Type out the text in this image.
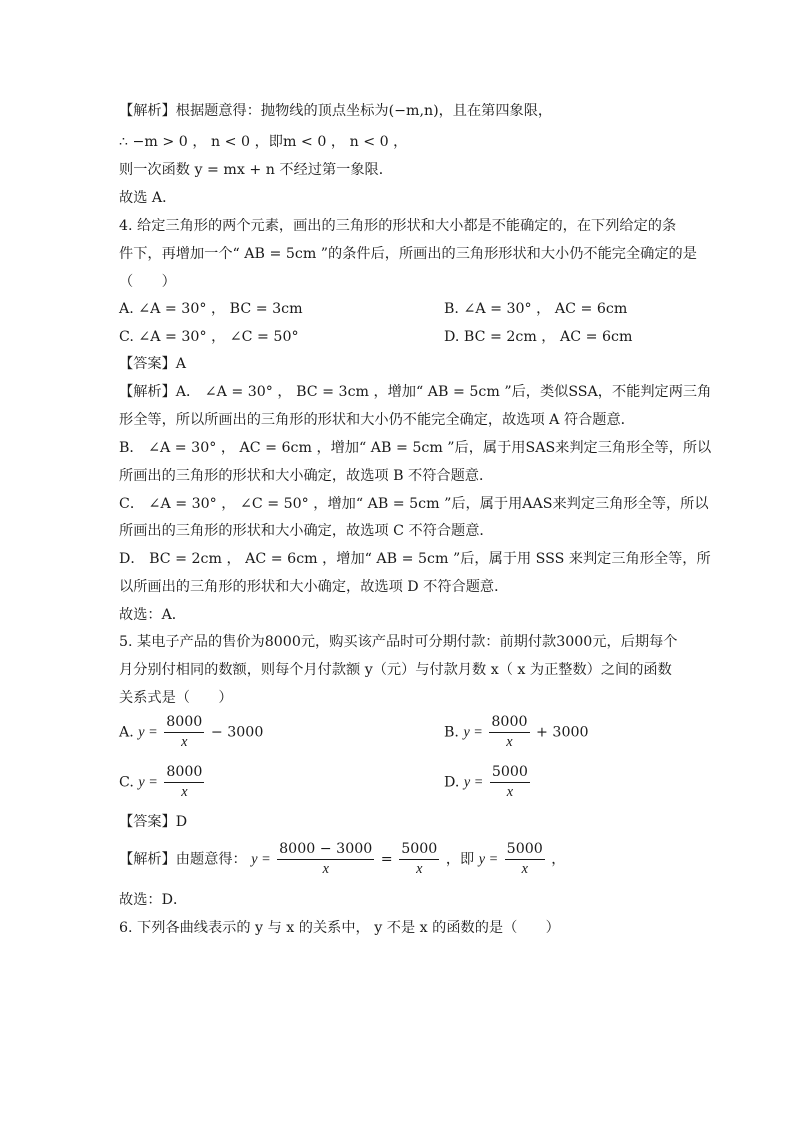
【解析】根据题意得：抛物线的顶点坐标为(−m,n)，且在第四象限，
∴ −m > 0 ， n < 0 ，即m < 0 ， n < 0 ，
则一次函数 y = mx + n 不经过第一象限．
故选 A．
4. 给定三角形的两个元素，画出的三角形的形状和大小都是不能确定的，在下列给定的条
件下，再增加一个“ AB = 5cm ”的条件后，所画出的三角形形状和大小仍不能完全确定的是
（　　）
A. ∠A = 30° ， BC = 3cm	B. ∠A = 30° ， AC = 6cm
C. ∠A = 30° ， ∠C = 50°	D. BC = 2cm ， AC = 6cm
【答案】A
【解析】A． ∠A = 30° ， BC = 3cm ，增加“ AB = 5cm ”后，类似SSA，不能判定两三角
形全等，所以所画出的三角形的形状和大小仍不能完全确定，故选项 A 符合题意．
B． ∠A = 30° ， AC = 6cm ，增加“ AB = 5cm ”后，属于用SAS来判定三角形全等，所以
所画出的三角形的形状和大小确定，故选项 B 不符合题意．
C． ∠A = 30° ， ∠C = 50° ，增加“ AB = 5cm ”后，属于用AAS来判定三角形全等，所以
所画出的三角形的形状和大小确定，故选项 C 不符合题意．
D． BC = 2cm ， AC = 6cm ，增加“ AB = 5cm ”后，属于用 SSS 来判定三角形全等，所
以所画出的三角形的形状和大小确定，故选项 D 不符合题意．
故选：A．
5. 某电子产品的售价为8000元，购买该产品时可分期付款：前期付款3000元，后期每个
月分别付相同的数额，则每个月付款额 y（元）与付款月数 x（ x 为正整数）之间的函数
关系式是（　　）
A. $y = \frac{8000}{x} - 3000$	B. $y = \frac{8000}{x} + 3000$
C. $y = \frac{8000}{x}$	D. $y = \frac{5000}{x}$
【答案】D
【解析】由题意得： $y = \frac{8000 - 3000}{x} = \frac{5000}{x}$ ，即 $y = \frac{5000}{x}$ ，
故选：D．
6. 下列各曲线表示的 y 与 x 的关系中， y 不是 x 的函数的是（　　）
